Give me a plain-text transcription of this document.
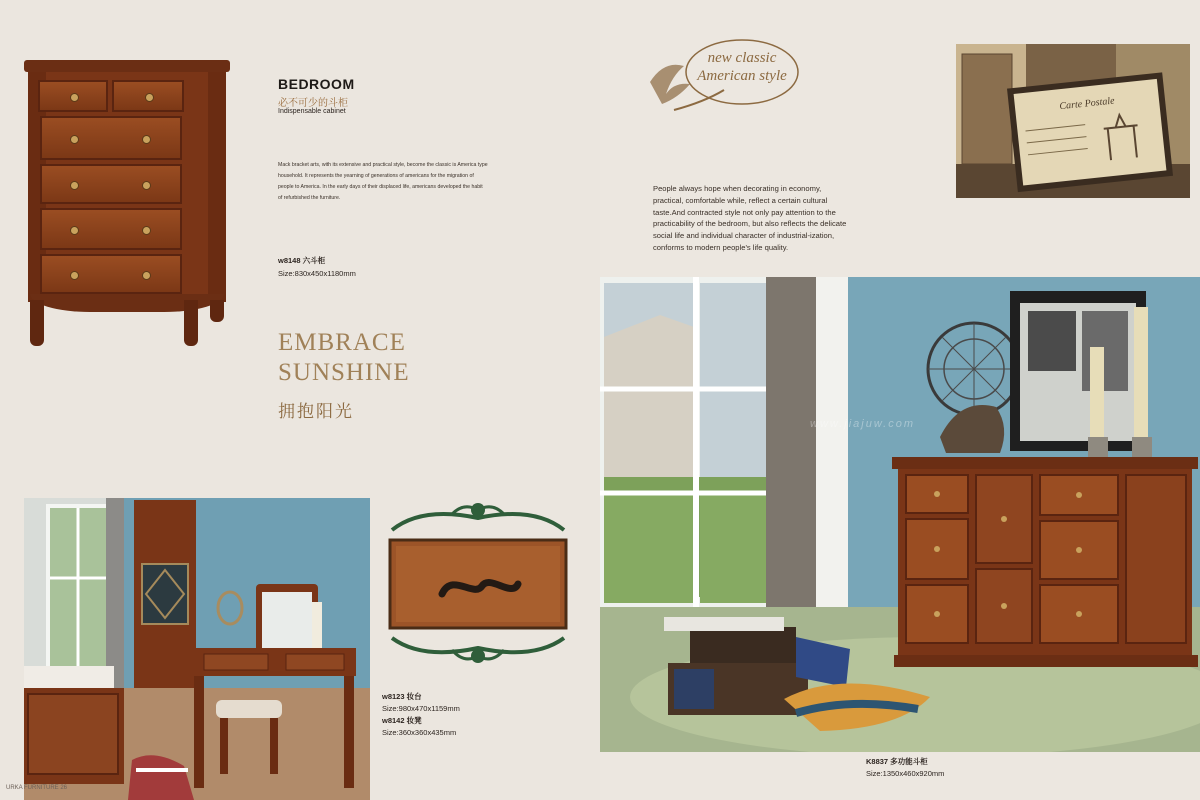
BEDROOM
必不可少的斗柜
Indispensable cabinet
Mack bracket arts, with its extensive and practical style, become the classic is America type household. It represents the yearning of generations of americans for the migration of people to America. In the early days of their displaced life, americans developed the habit of refurbished the furniture.
w8148 六斗柜
Size:830x450x1180mm
EMBRACE
SUNSHINE
拥抱阳光
w8123 妆台
Size:980x470x1159mm
w8142 妆凳
Size:360x360x435mm
URKA FURNITURE 26
new classic
American style
Carte Postale
People always hope when decorating in economy, practical, comfortable while, reflect a certain cultural taste.And contracted style not only pay attention to the practicability of the bedroom, but also reflects the delicate social life and individual character of industrial-ization, conforms to modern people's life quality.
www.jiajuw.com
K8837 多功能斗柜
Size:1350x460x920mm
